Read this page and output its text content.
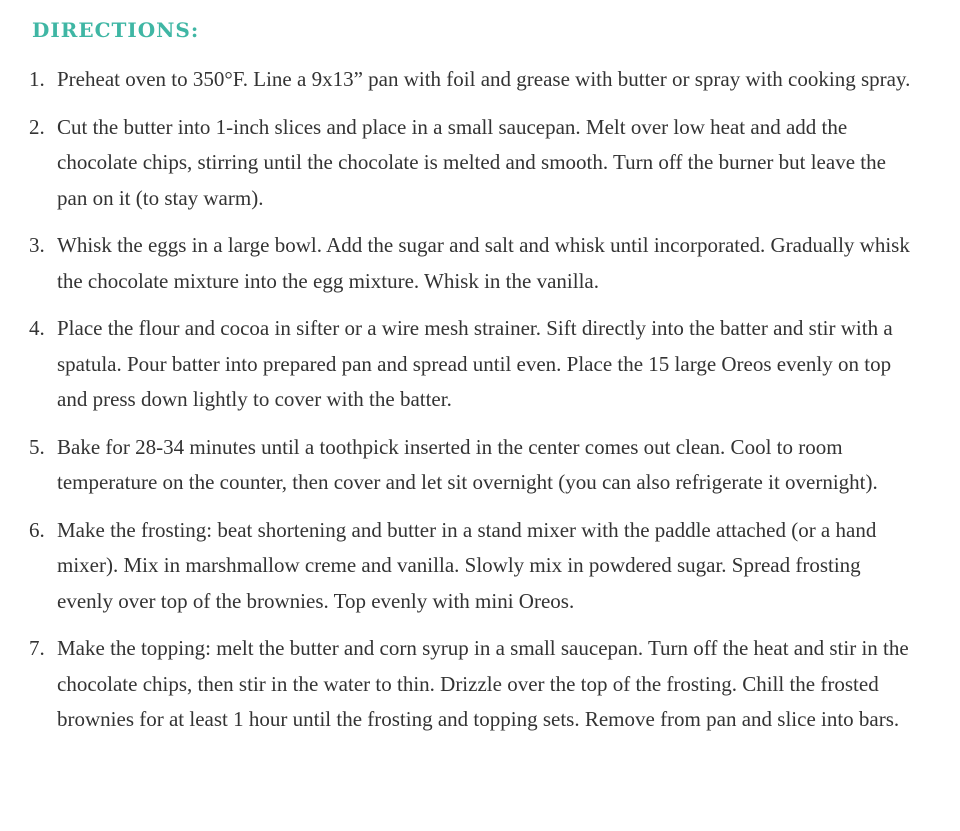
DIRECTIONS:
1. Preheat oven to 350°F. Line a 9x13” pan with foil and grease with butter or spray with cooking spray.
2. Cut the butter into 1-inch slices and place in a small saucepan. Melt over low heat and add the chocolate chips, stirring until the chocolate is melted and smooth. Turn off the burner but leave the pan on it (to stay warm).
3. Whisk the eggs in a large bowl. Add the sugar and salt and whisk until incorporated. Gradually whisk the chocolate mixture into the egg mixture. Whisk in the vanilla.
4. Place the flour and cocoa in sifter or a wire mesh strainer. Sift directly into the batter and stir with a spatula. Pour batter into prepared pan and spread until even. Place the 15 large Oreos evenly on top and press down lightly to cover with the batter.
5. Bake for 28-34 minutes until a toothpick inserted in the center comes out clean. Cool to room temperature on the counter, then cover and let sit overnight (you can also refrigerate it overnight).
6. Make the frosting: beat shortening and butter in a stand mixer with the paddle attached (or a hand mixer). Mix in marshmallow creme and vanilla. Slowly mix in powdered sugar. Spread frosting evenly over top of the brownies. Top evenly with mini Oreos.
7. Make the topping: melt the butter and corn syrup in a small saucepan. Turn off the heat and stir in the chocolate chips, then stir in the water to thin. Drizzle over the top of the frosting. Chill the frosted brownies for at least 1 hour until the frosting and topping sets. Remove from pan and slice into bars.
